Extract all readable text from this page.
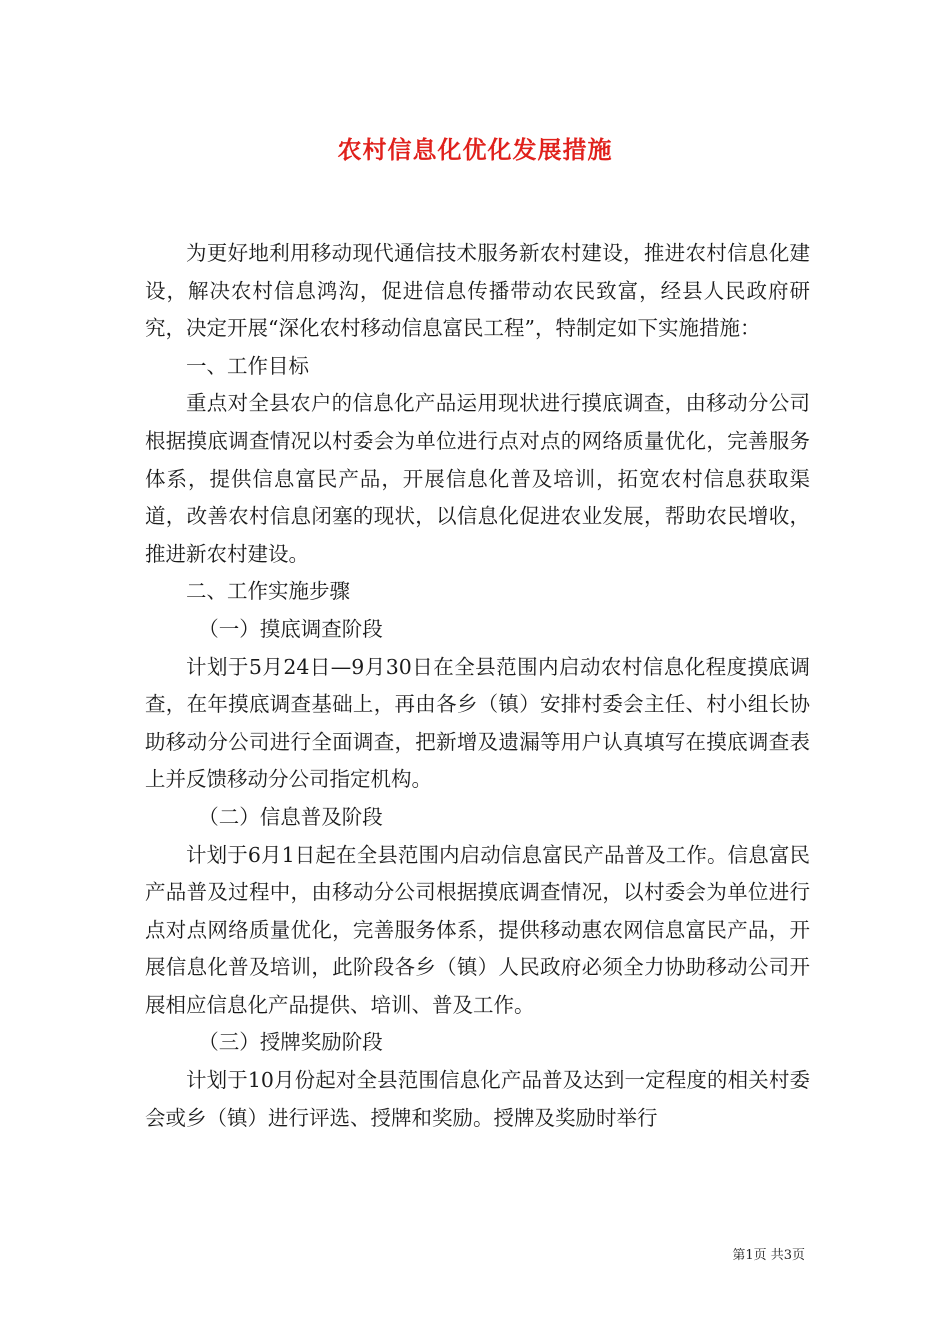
农村信息化优化发展措施

为更好地利用移动现代通信技术服务新农村建设，推进农村信息化建设，解决农村信息鸿沟，促进信息传播带动农民致富，经县人民政府研究，决定开展“深化农村移动信息富民工程”，特制定如下实施措施：

一、工作目标

重点对全县农户的信息化产品运用现状进行摸底调查，由移动分公司根据摸底调查情况以村委会为单位进行点对点的网络质量优化，完善服务体系，提供信息富民产品，开展信息化普及培训，拓宽农村信息获取渠道，改善农村信息闭塞的现状，以信息化促进农业发展，帮助农民增收，推进新农村建设。

二、工作实施步骤

（一）摸底调查阶段

计划于5月24日—9月30日在全县范围内启动农村信息化程度摸底调查，在年摸底调查基础上，再由各乡（镇）安排村委会主任、村小组长协助移动分公司进行全面调查，把新增及遗漏等用户认真填写在摸底调查表上并反馈移动分公司指定机构。

（二）信息普及阶段

计划于6月1日起在全县范围内启动信息富民产品普及工作。信息富民产品普及过程中，由移动分公司根据摸底调查情况，以村委会为单位进行点对点网络质量优化，完善服务体系，提供移动惠农网信息富民产品，开展信息化普及培训，此阶段各乡（镇）人民政府必须全力协助移动公司开展相应信息化产品提供、培训、普及工作。

（三）授牌奖励阶段

计划于10月份起对全县范围信息化产品普及达到一定程度的相关村委会或乡（镇）进行评选、授牌和奖励。授牌及奖励时举行

第1页 共3页
